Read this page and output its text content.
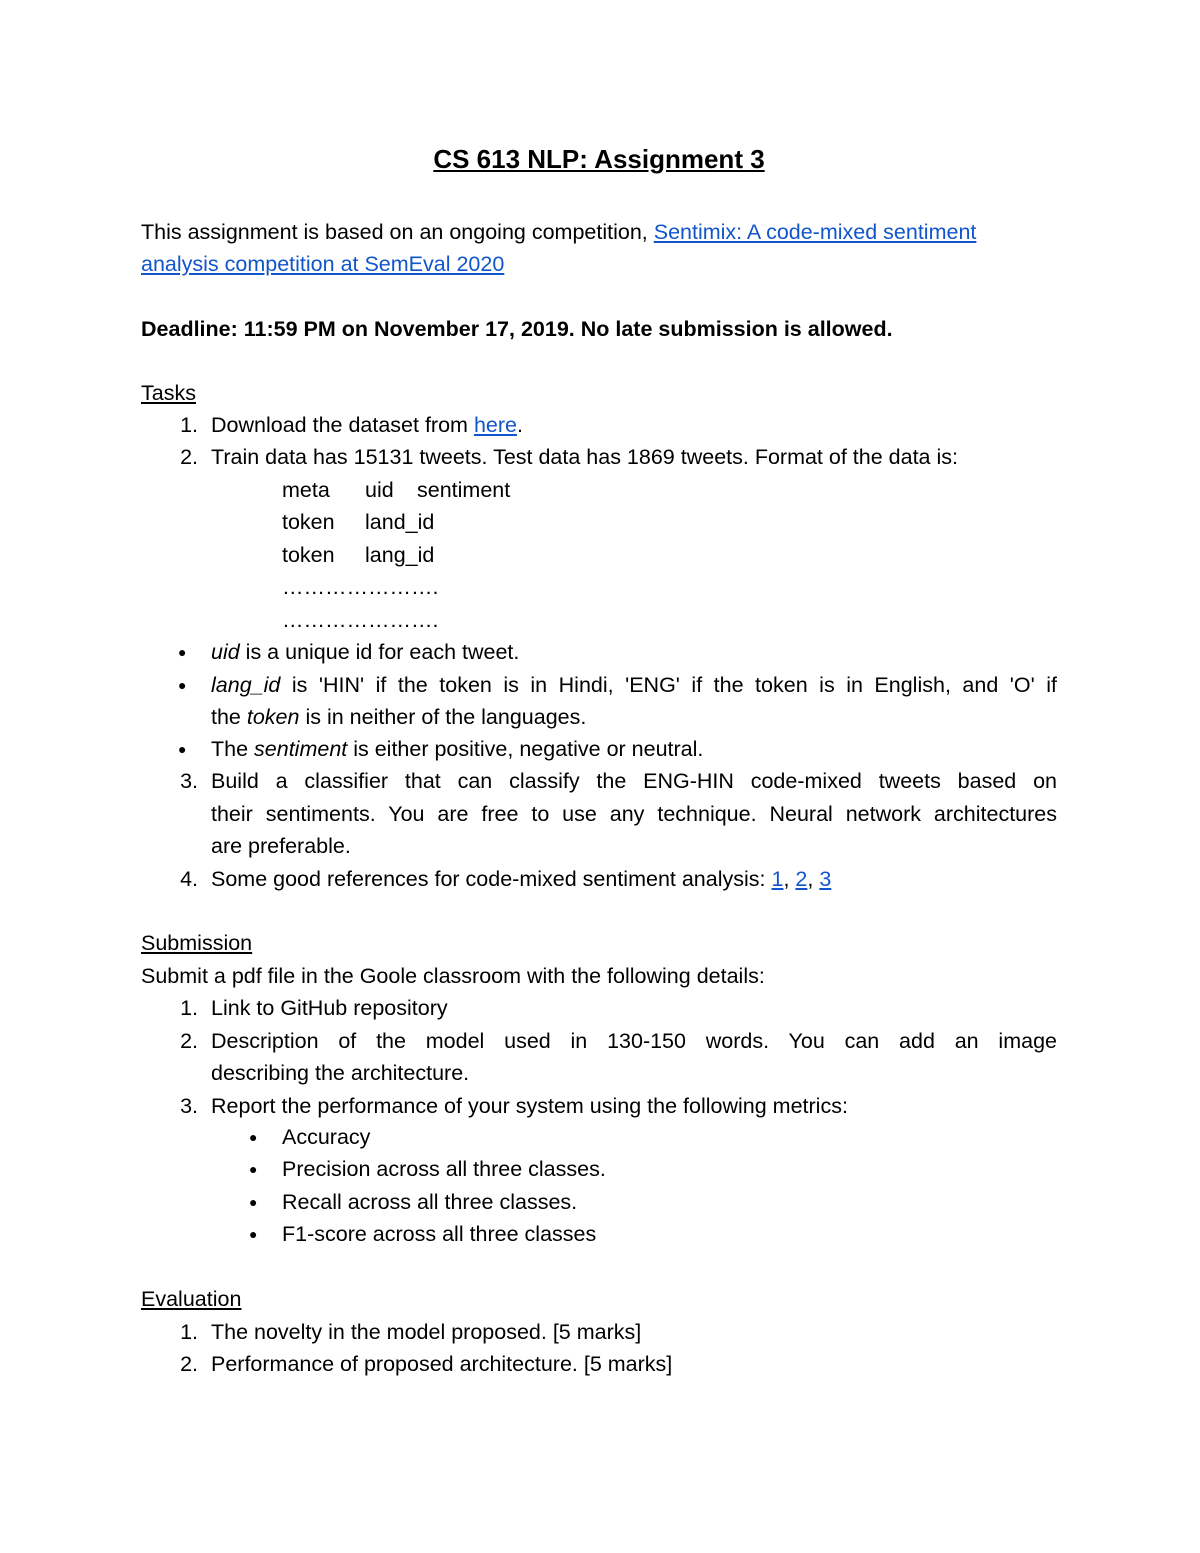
CS 613 NLP: Assignment 3
This assignment is based on an ongoing competition, Sentimix: A code-mixed sentiment
analysis competition at SemEval 2020
Deadline: 11:59 PM on November 17, 2019. No late submission is allowed.
Tasks
1. Download the dataset from here.
2. Train data has 15131 tweets. Test data has 1869 tweets. Format of the data is:
meta uid sentiment
token land_id
token lang_id
………………….
………………….
● uid is a unique id for each tweet.
● lang_id is 'HIN' if the token is in Hindi, 'ENG' if the token is in English, and 'O' if
the token is in neither of the languages.
● The sentiment is either positive, negative or neutral.
3. Build a classifier that can classify the ENG-HIN code-mixed tweets based on
their sentiments. You are free to use any technique. Neural network architectures
are preferable.
4. Some good references for code-mixed sentiment analysis: 1, 2, 3
Submission
Submit a pdf file in the Goole classroom with the following details:
1. Link to GitHub repository
2. Description of the model used in 130-150 words. You can add an image
describing the architecture.
3. Report the performance of your system using the following metrics:
● Accuracy
● Precision across all three classes.
● Recall across all three classes.
● F1-score across all three classes
Evaluation
1. The novelty in the model proposed. [5 marks]
2. Performance of proposed architecture. [5 marks]
